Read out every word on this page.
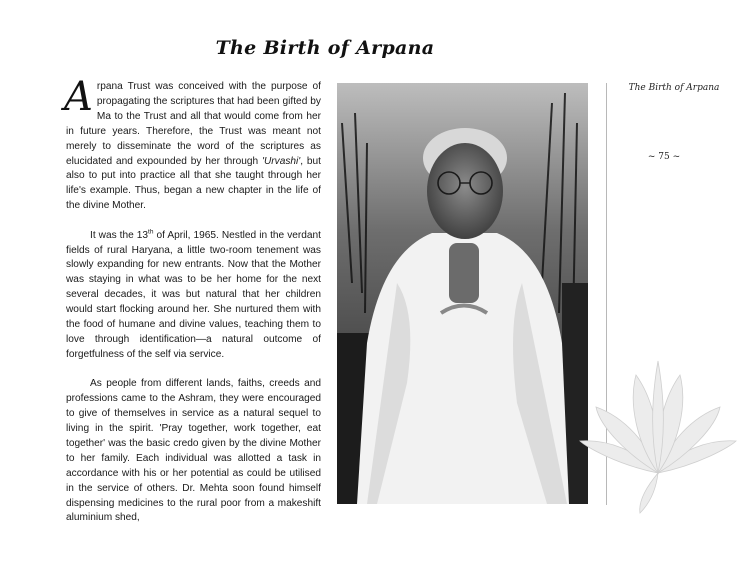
The Birth of Arpana

Arpana Trust was conceived with the purpose of propagating the scriptures that had been gifted by Ma to the Trust and all that would come from her in future years. Therefore, the Trust was meant not merely to disseminate the word of the scriptures as elucidated and expounded by her through 'Urvashi', but also to put into practice all that she taught through her life's example. Thus, began a new chapter in the life of the divine Mother.

It was the 13th of April, 1965. Nestled in the verdant fields of rural Haryana, a little two-room tenement was slowly expanding for new entrants. Now that the Mother was staying in what was to be her home for the next several decades, it was but natural that her children would start flocking around her. She nurtured them with the food of humane and divine values, teaching them to love through identification—a natural outcome of forgetfulness of the self via service.

As people from different lands, faiths, creeds and professions came to the Ashram, they were encouraged to give of themselves in service as a natural sequel to living in the spirit. 'Pray together, work together, eat together' was the basic credo given by the divine Mother to her family. Each individual was allotted a task in accordance with his or her potential as could be utilised in the service of others. Dr. Mehta soon found himself dispensing medicines to the rural poor from a makeshift aluminium shed,

The Birth of Arpana
~ 75 ~
